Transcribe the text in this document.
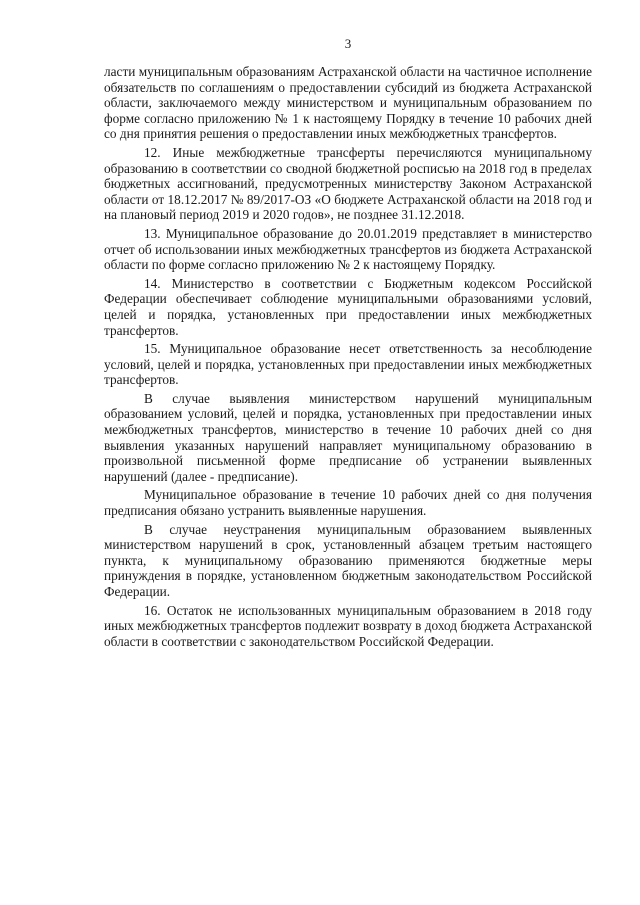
3

ласти муниципальным образованиям Астраханской области на частичное исполнение обязательств по соглашениям о предоставлении субсидий из бюджета Астраханской области, заключаемого между министерством и муниципальным образованием по форме согласно приложению № 1 к настоящему Порядку в течение 10 рабочих дней со дня принятия решения о предоставлении иных межбюджетных трансфертов.

12. Иные межбюджетные трансферты перечисляются муниципальному образованию в соответствии со сводной бюджетной росписью на 2018 год в пределах бюджетных ассигнований, предусмотренных министерству Законом Астраханской области от 18.12.2017 № 89/2017-ОЗ «О бюджете Астраханской области на 2018 год и на плановый период 2019 и 2020 годов», не позднее 31.12.2018.

13. Муниципальное образование до 20.01.2019 представляет в министерство отчет об использовании иных межбюджетных трансфертов из бюджета Астраханской области по форме согласно приложению № 2 к настоящему Порядку.

14. Министерство в соответствии с Бюджетным кодексом Российской Федерации обеспечивает соблюдение муниципальными образованиями условий, целей и порядка, установленных при предоставлении иных межбюджетных трансфертов.

15. Муниципальное образование несет ответственность за несоблюдение условий, целей и порядка, установленных при предоставлении иных межбюджетных трансфертов.

В случае выявления министерством нарушений муниципальным образованием условий, целей и порядка, установленных при предоставлении иных межбюджетных трансфертов, министерство в течение 10 рабочих дней со дня выявления указанных нарушений направляет муниципальному образованию в произвольной письменной форме предписание об устранении выявленных нарушений (далее - предписание).

Муниципальное образование в течение 10 рабочих дней со дня получения предписания обязано устранить выявленные нарушения.

В случае неустранения муниципальным образованием выявленных министерством нарушений в срок, установленный абзацем третьим настоящего пункта, к муниципальному образованию применяются бюджетные меры принуждения в порядке, установленном бюджетным законодательством Российской Федерации.

16. Остаток не использованных муниципальным образованием в 2018 году иных межбюджетных трансфертов подлежит возврату в доход бюджета Астраханской области в соответствии с законодательством Российской Федерации.
